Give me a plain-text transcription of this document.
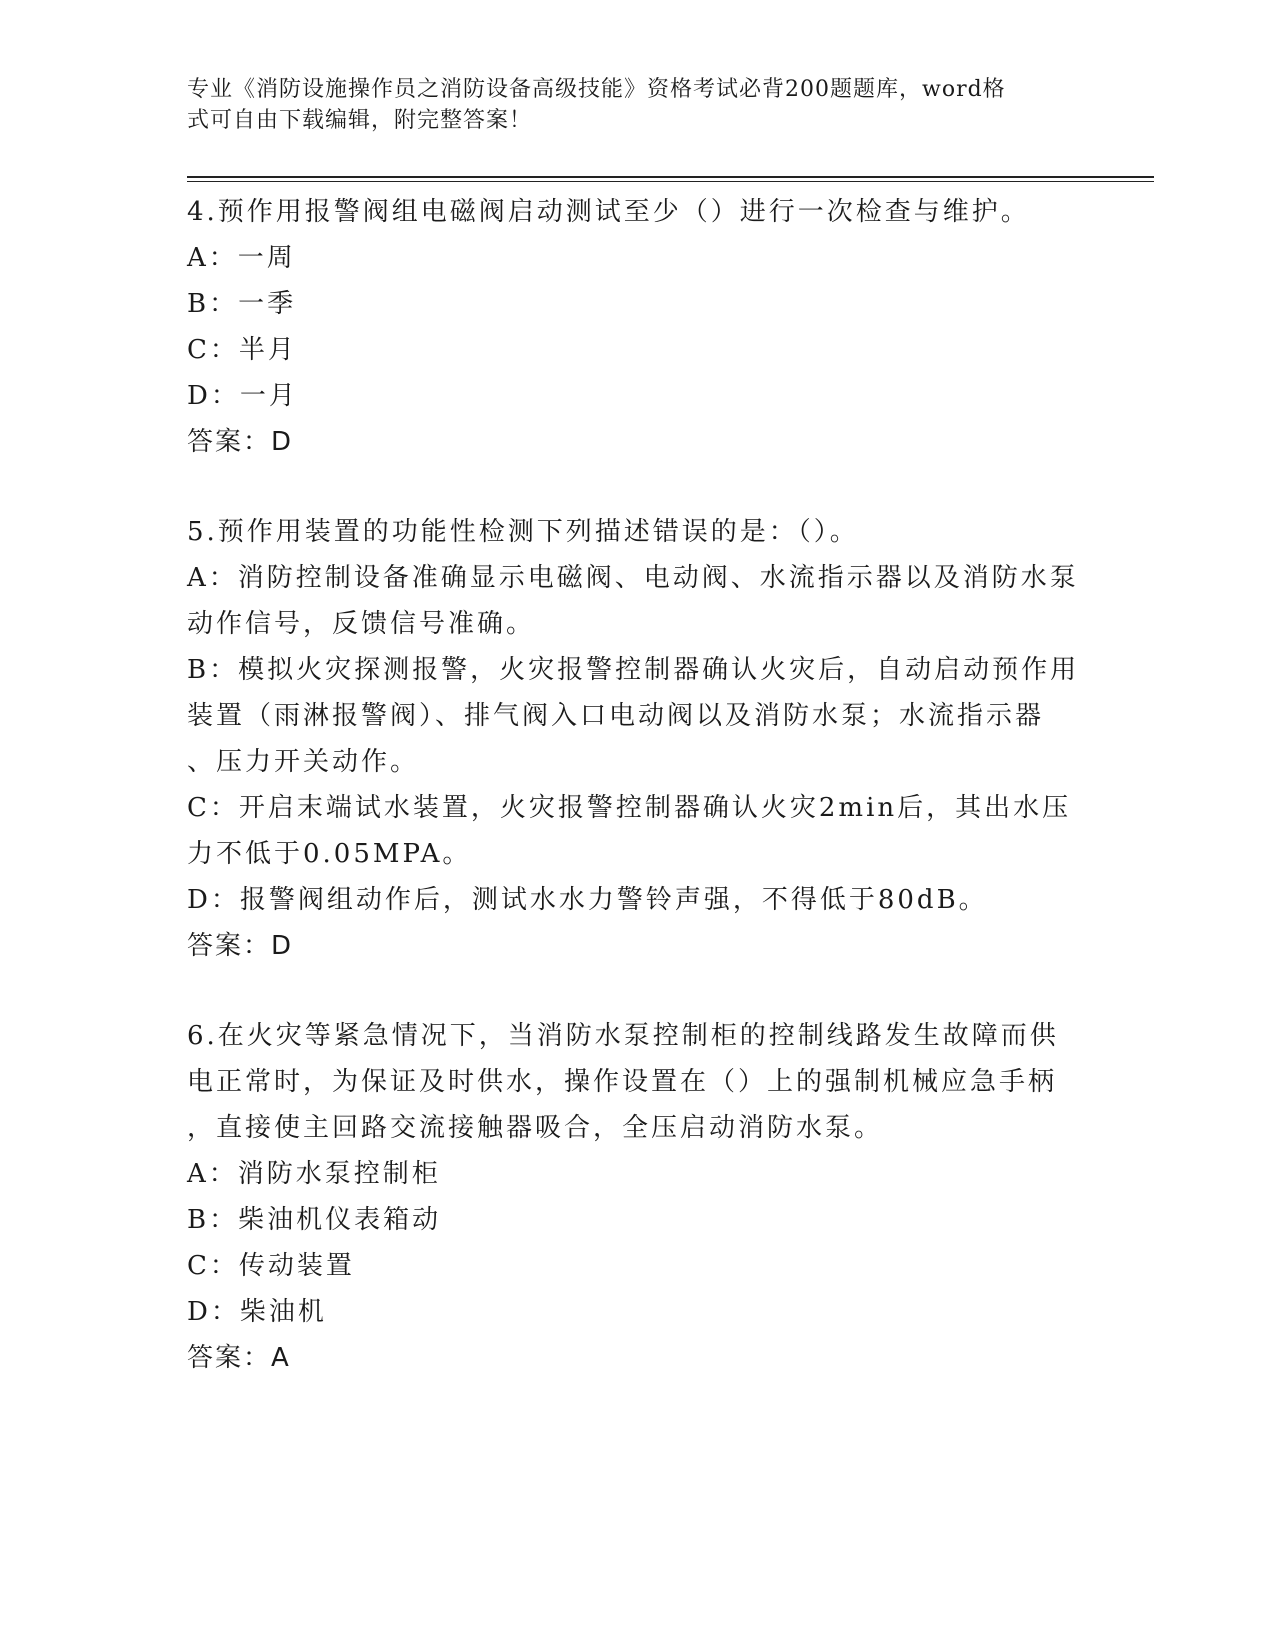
专业《消防设施操作员之消防设备高级技能》资格考试必背200题题库，word格
式可自由下载编辑，附完整答案！
4.预作用报警阀组电磁阀启动测试至少（）进行一次检查与维护。
A：一周
B：一季
C：半月
D：一月
答案：D
5.预作用装置的功能性检测下列描述错误的是：（）。
A：消防控制设备准确显示电磁阀、电动阀、水流指示器以及消防水泵
动作信号，反馈信号准确。
B：模拟火灾探测报警，火灾报警控制器确认火灾后，自动启动预作用
装置（雨淋报警阀）、排气阀入口电动阀以及消防水泵；水流指示器
、压力开关动作。
C：开启末端试水装置，火灾报警控制器确认火灾2min后，其出水压
力不低于0.05MPA。
D：报警阀组动作后，测试水水力警铃声强，不得低于80dB。
答案：D
6.在火灾等紧急情况下，当消防水泵控制柜的控制线路发生故障而供
电正常时，为保证及时供水，操作设置在（）上的强制机械应急手柄
，直接使主回路交流接触器吸合，全压启动消防水泵。
A：消防水泵控制柜
B：柴油机仪表箱动
C：传动装置
D：柴油机
答案：A
